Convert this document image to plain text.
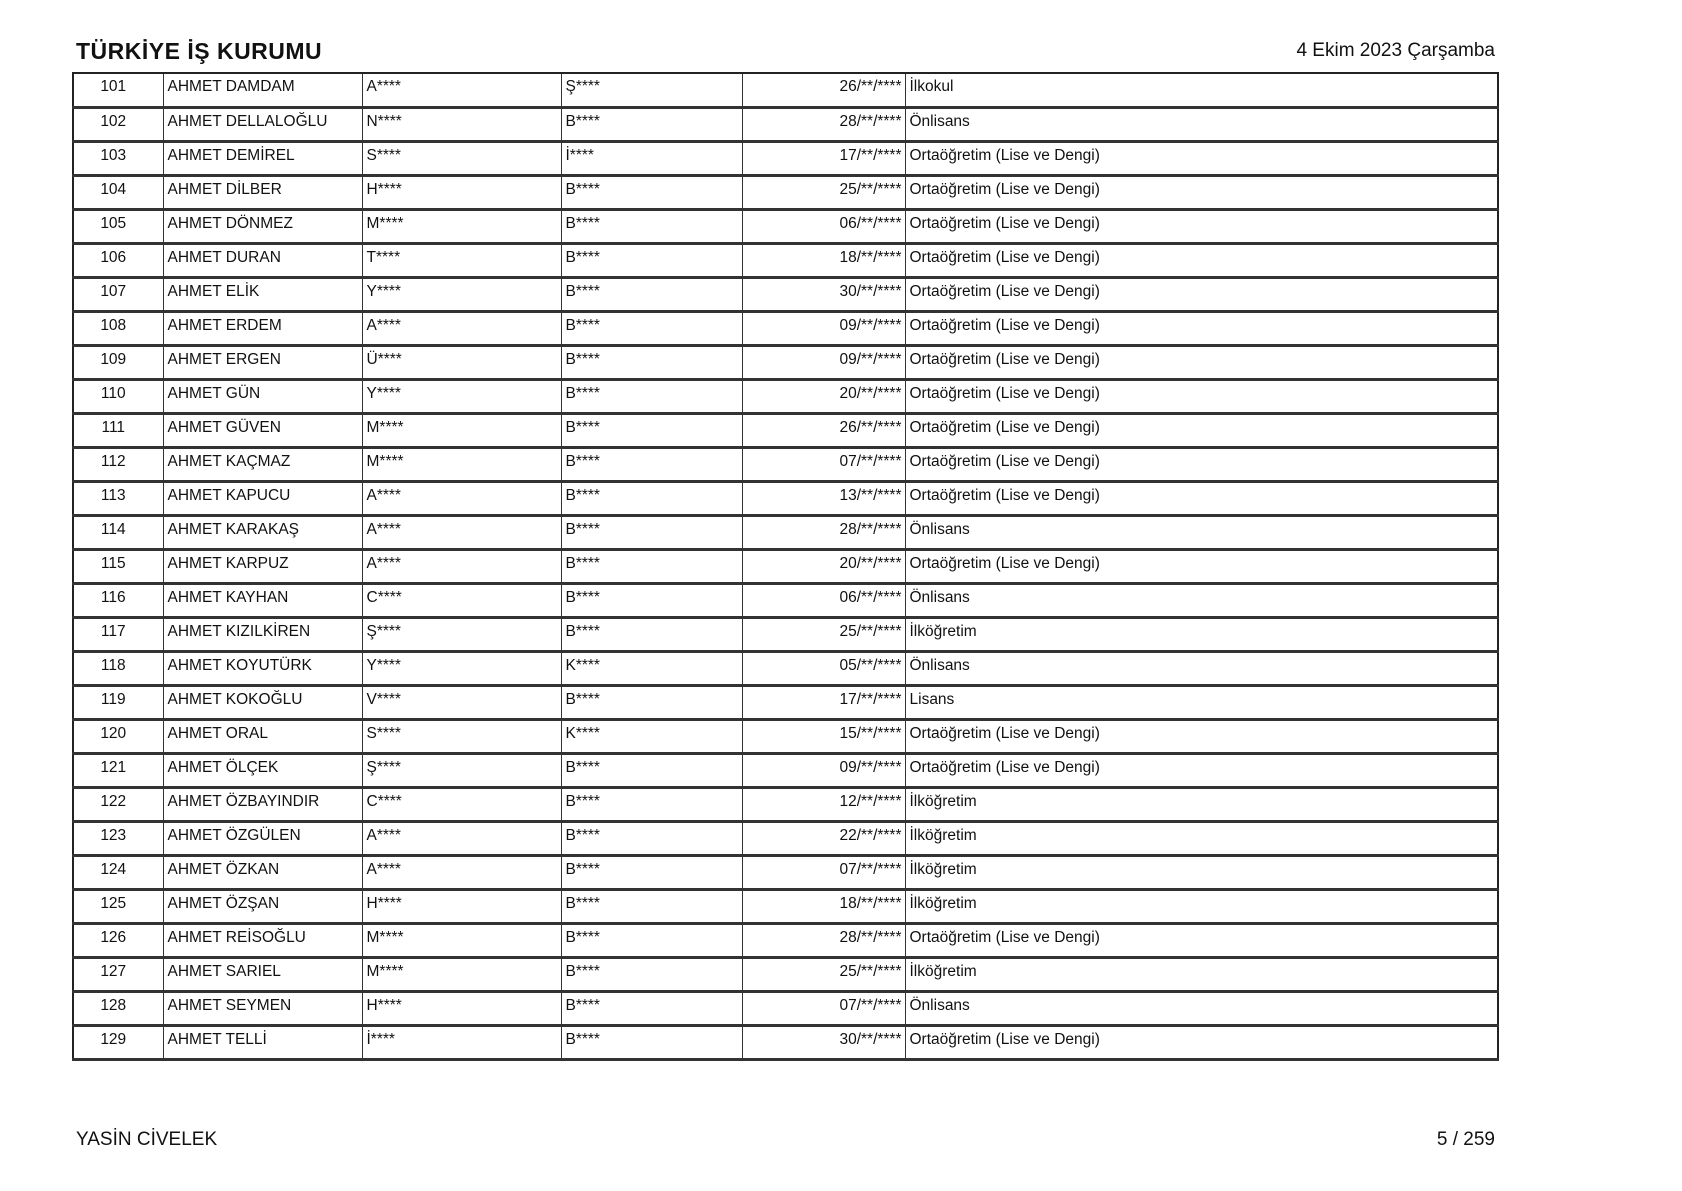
TÜRKİYE İŞ KURUMU	4 Ekim 2023 Çarşamba
101	AHMET DAMDAM	A****	Ş****	26/**/****	İlkokul
102	AHMET DELLALOĞLU	N****	B****	28/**/****	Önlisans
103	AHMET DEMİREL	S****	İ****	17/**/****	Ortaöğretim (Lise ve Dengi)
104	AHMET DİLBER	H****	B****	25/**/****	Ortaöğretim (Lise ve Dengi)
105	AHMET DÖNMEZ	M****	B****	06/**/****	Ortaöğretim (Lise ve Dengi)
106	AHMET DURAN	T****	B****	18/**/****	Ortaöğretim (Lise ve Dengi)
107	AHMET ELİK	Y****	B****	30/**/****	Ortaöğretim (Lise ve Dengi)
108	AHMET ERDEM	A****	B****	09/**/****	Ortaöğretim (Lise ve Dengi)
109	AHMET ERGEN	Ü****	B****	09/**/****	Ortaöğretim (Lise ve Dengi)
110	AHMET GÜN	Y****	B****	20/**/****	Ortaöğretim (Lise ve Dengi)
111	AHMET GÜVEN	M****	B****	26/**/****	Ortaöğretim (Lise ve Dengi)
112	AHMET KAÇMAZ	M****	B****	07/**/****	Ortaöğretim (Lise ve Dengi)
113	AHMET KAPUCU	A****	B****	13/**/****	Ortaöğretim (Lise ve Dengi)
114	AHMET KARAKAŞ	A****	B****	28/**/****	Önlisans
115	AHMET KARPUZ	A****	B****	20/**/****	Ortaöğretim (Lise ve Dengi)
116	AHMET KAYHAN	C****	B****	06/**/****	Önlisans
117	AHMET KIZILKİREN	Ş****	B****	25/**/****	İlköğretim
118	AHMET KOYUTÜRK	Y****	K****	05/**/****	Önlisans
119	AHMET KOKOĞLU	V****	B****	17/**/****	Lisans
120	AHMET ORAL	S****	K****	15/**/****	Ortaöğretim (Lise ve Dengi)
121	AHMET ÖLÇEK	Ş****	B****	09/**/****	Ortaöğretim (Lise ve Dengi)
122	AHMET ÖZBAYINDIR	C****	B****	12/**/****	İlköğretim
123	AHMET ÖZGÜLEN	A****	B****	22/**/****	İlköğretim
124	AHMET ÖZKAN	A****	B****	07/**/****	İlköğretim
125	AHMET ÖZŞAN	H****	B****	18/**/****	İlköğretim
126	AHMET REİSOĞLU	M****	B****	28/**/****	Ortaöğretim (Lise ve Dengi)
127	AHMET SARIEL	M****	B****	25/**/****	İlköğretim
128	AHMET SEYMEN	H****	B****	07/**/****	Önlisans
129	AHMET TELLİ	İ****	B****	30/**/****	Ortaöğretim (Lise ve Dengi)
YASİN CİVELEK	5 / 259
